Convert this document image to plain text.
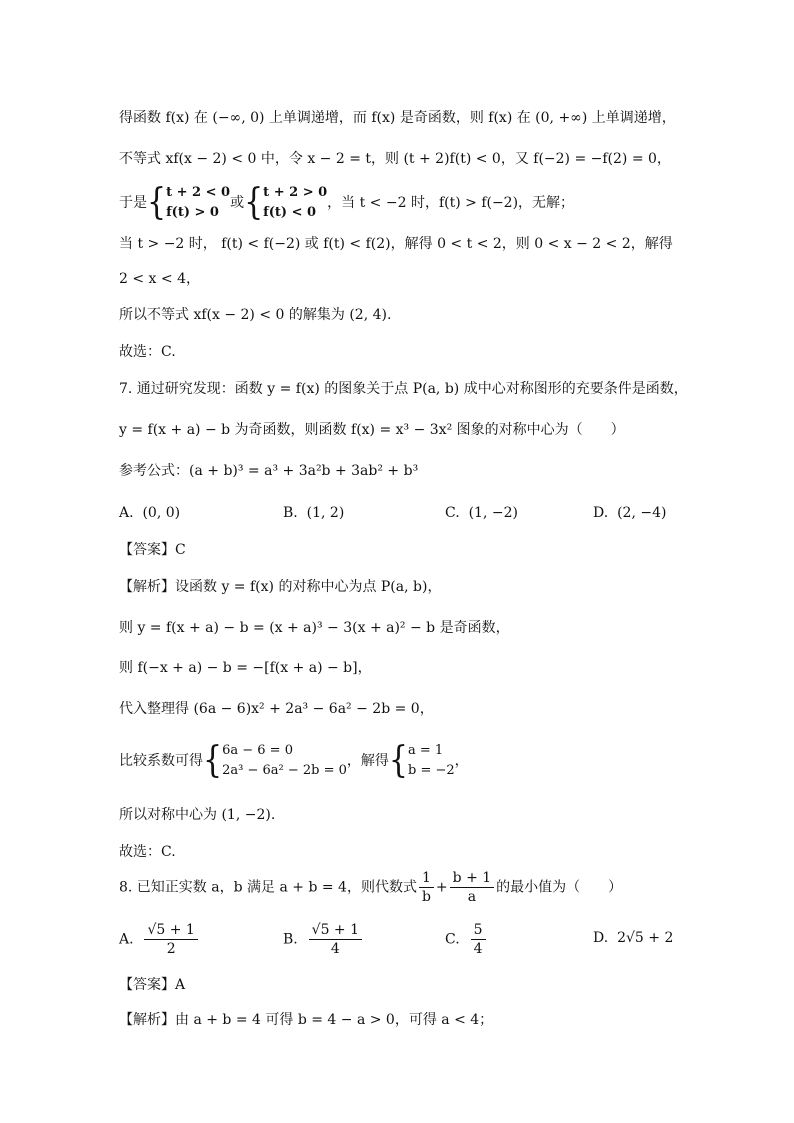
得函数 f(x) 在 (−∞, 0) 上单调递增，而 f(x) 是奇函数，则 f(x) 在 (0, +∞) 上单调递增，
不等式 xf(x − 2) < 0 中，令 x − 2 = t，则 (t + 2)f(t) < 0，又 f(−2) = −f(2) = 0，
于是{ t + 2 < 0
f(t) > 0
或{ t + 2 > 0
f(t) < 0
，当 t < −2 时，f(t) > f(−2)，无解；
当 t > −2 时， f(t) < f(−2) 或 f(t) < f(2)，解得 0 < t < 2，则 0 < x − 2 < 2，解得
2 < x < 4，
所以不等式 xf(x − 2) < 0 的解集为 (2, 4).
故选：C.
7. 通过研究发现：函数 y = f(x) 的图象关于点 P(a, b) 成中心对称图形的充要条件是函数，
y = f(x + a) − b 为奇函数，则函数 f(x) = x³ − 3x² 图象的对称中心为（　　）
参考公式：(a + b)³ = a³ + 3a²b + 3ab² + b³
A. (0, 0)	B. (1, 2)	C. (1, −2)	D. (2, −4)
【答案】C
【解析】设函数 y = f(x) 的对称中心为点 P(a, b)，
则 y = f(x + a) − b = (x + a)³ − 3(x + a)² − b 是奇函数，
则 f(−x + a) − b = −[f(x + a) − b]，
代入整理得 (6a − 6)x² + 2a³ − 6a² − 2b = 0，
比较系数可得{ 6a − 6 = 0
2a³ − 6a² − 2b = 0
，解得{ a = 1
b = −2
，
所以对称中心为 (1, −2).
故选：C.
8. 已知正实数 a，b 满足 a + b = 4，则代数式 $\frac{1}{b} + \frac{b + 1}{a}$ 的最小值为（　　）
A. $\frac{√5 + 1}{2}$	B. $\frac{√5 + 1}{4}$	C. $\frac{5}{4}$	D. 2√5 + 2
【答案】A
【解析】由 a + b = 4 可得 b = 4 − a > 0，可得 a < 4；
